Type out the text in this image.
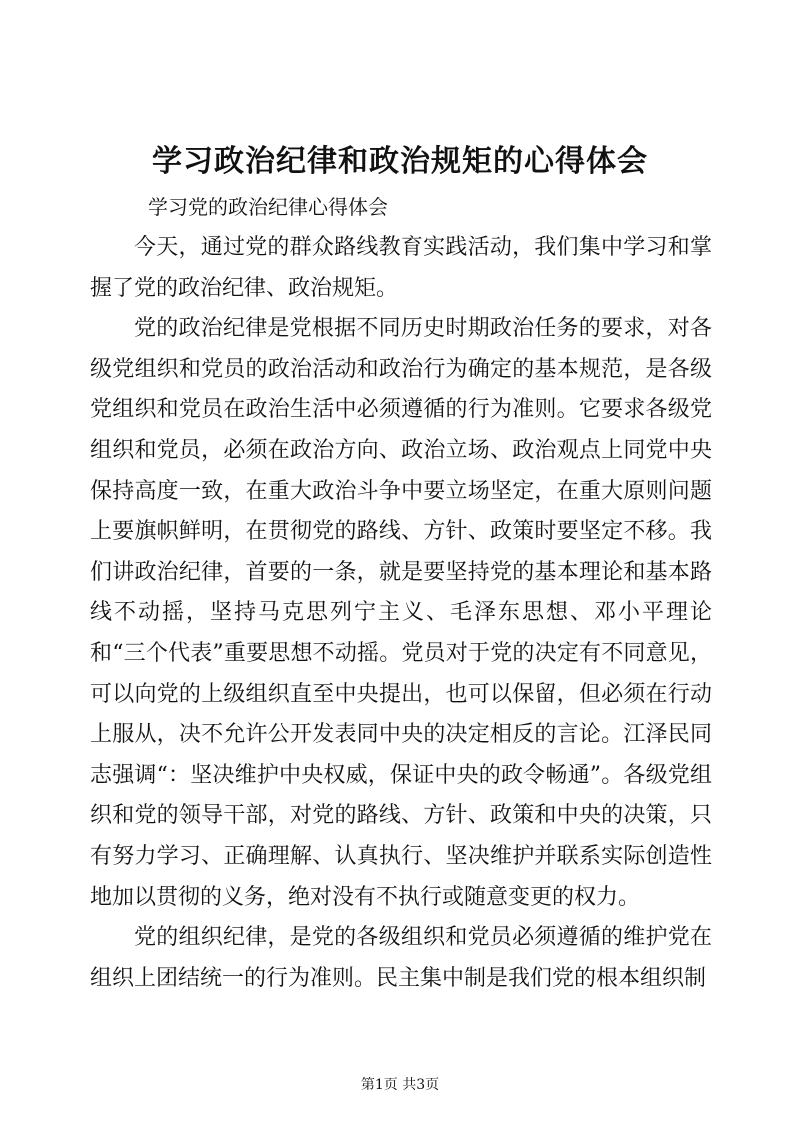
学习政治纪律和政治规矩的心得体会

学习党的政治纪律心得体会

今天，通过党的群众路线教育实践活动，我们集中学习和掌握了党的政治纪律、政治规矩。

党的政治纪律是党根据不同历史时期政治任务的要求，对各级党组织和党员的政治活动和政治行为确定的基本规范，是各级党组织和党员在政治生活中必须遵循的行为准则。它要求各级党组织和党员，必须在政治方向、政治立场、政治观点上同党中央保持高度一致，在重大政治斗争中要立场坚定，在重大原则问题上要旗帜鲜明，在贯彻党的路线、方针、政策时要坚定不移。我们讲政治纪律，首要的一条，就是要坚持党的基本理论和基本路线不动摇，坚持马克思列宁主义、毛泽东思想、邓小平理论和“三个代表”重要思想不动摇。党员对于党的决定有不同意见，可以向党的上级组织直至中央提出，也可以保留，但必须在行动上服从，决不允许公开发表同中央的决定相反的言论。江泽民同志强调“：坚决维护中央权威，保证中央的政令畅通”。各级党组织和党的领导干部，对党的路线、方针、政策和中央的决策，只有努力学习、正确理解、认真执行、坚决维护并联系实际创造性地加以贯彻的义务，绝对没有不执行或随意变更的权力。

党的组织纪律，是党的各级组织和党员必须遵循的维护党在组织上团结统一的行为准则。民主集中制是我们党的根本组织制

第1页 共3页
